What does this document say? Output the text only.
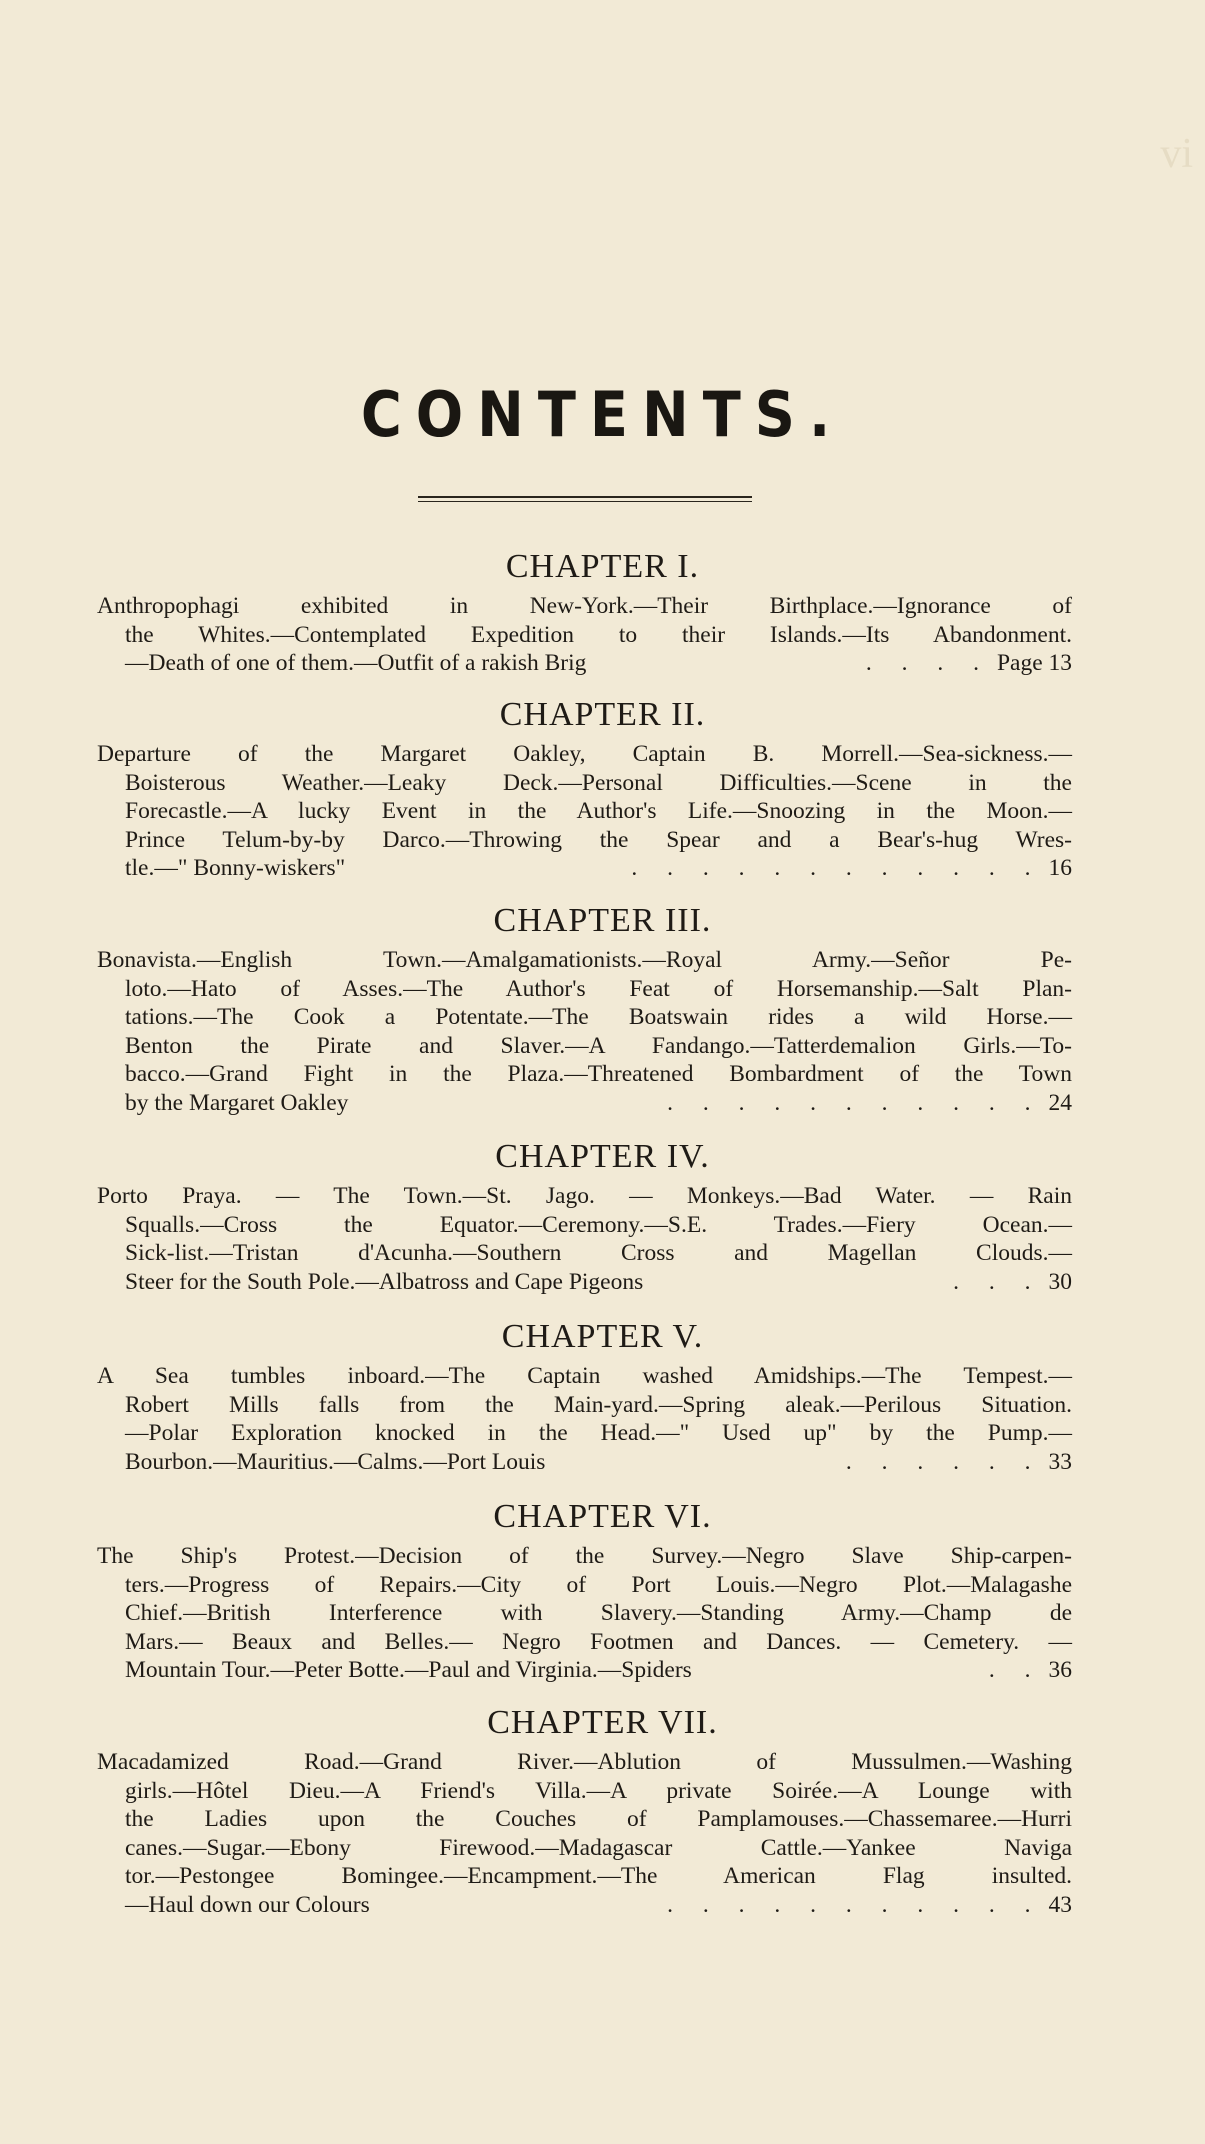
vi
CONTENTS.
CHAPTER I.
Anthropophagi exhibited in New-York.—Their Birthplace.—Ignorance of
the Whites.—Contemplated Expedition to their Islands.—Its Abandonment.
—Death of one of them.—Outfit of a rakish Brig	. . . . Page 13
CHAPTER II.
Departure of the Margaret Oakley, Captain B. Morrell.—Sea-sickness.—
Boisterous Weather.—Leaky Deck.—Personal Difficulties.—Scene in the
Forecastle.—A lucky Event in the Author's Life.—Snoozing in the Moon.—
Prince Telum-by-by Darco.—Throwing the Spear and a Bear's-hug Wres-
tle.—" Bonny-wiskers"	. . . . . . . . . . . . 16
CHAPTER III.
Bonavista.—English Town.—Amalgamationists.—Royal Army.—Señor Pe-
loto.—Hato of Asses.—The Author's Feat of Horsemanship.—Salt Plan-
tations.—The Cook a Potentate.—The Boatswain rides a wild Horse.—
Benton the Pirate and Slaver.—A Fandango.—Tatterdemalion Girls.—To-
bacco.—Grand Fight in the Plaza.—Threatened Bombardment of the Town
by the Margaret Oakley	. . . . . . . . . . . 24
CHAPTER IV.
Porto Praya. — The Town.—St. Jago. — Monkeys.—Bad Water. — Rain
Squalls.—Cross the Equator.—Ceremony.—S.E. Trades.—Fiery Ocean.—
Sick-list.—Tristan d'Acunha.—Southern Cross and Magellan Clouds.—
Steer for the South Pole.—Albatross and Cape Pigeons	. . . 30
CHAPTER V.
A Sea tumbles inboard.—The Captain washed Amidships.—The Tempest.—
Robert Mills falls from the Main-yard.—Spring aleak.—Perilous Situation.
—Polar Exploration knocked in the Head.—" Used up" by the Pump.—
Bourbon.—Mauritius.—Calms.—Port Louis	. . . . . . 33
CHAPTER VI.
The Ship's Protest.—Decision of the Survey.—Negro Slave Ship-carpen-
ters.—Progress of Repairs.—City of Port Louis.—Negro Plot.—Malagashe
Chief.—British Interference with Slavery.—Standing Army.—Champ de
Mars.— Beaux and Belles.— Negro Footmen and Dances. — Cemetery. —
Mountain Tour.—Peter Botte.—Paul and Virginia.—Spiders	. . 36
CHAPTER VII.
Macadamized Road.—Grand River.—Ablution of Mussulmen.—Washing
girls.—Hôtel Dieu.—A Friend's Villa.—A private Soirée.—A Lounge with
the Ladies upon the Couches of Pamplamouses.—Chassemaree.—Hurri
canes.—Sugar.—Ebony Firewood.—Madagascar Cattle.—Yankee Naviga
tor.—Pestongee Bomingee.—Encampment.—The American Flag insulted.
—Haul down our Colours	. . . . . . . . . . . 43
